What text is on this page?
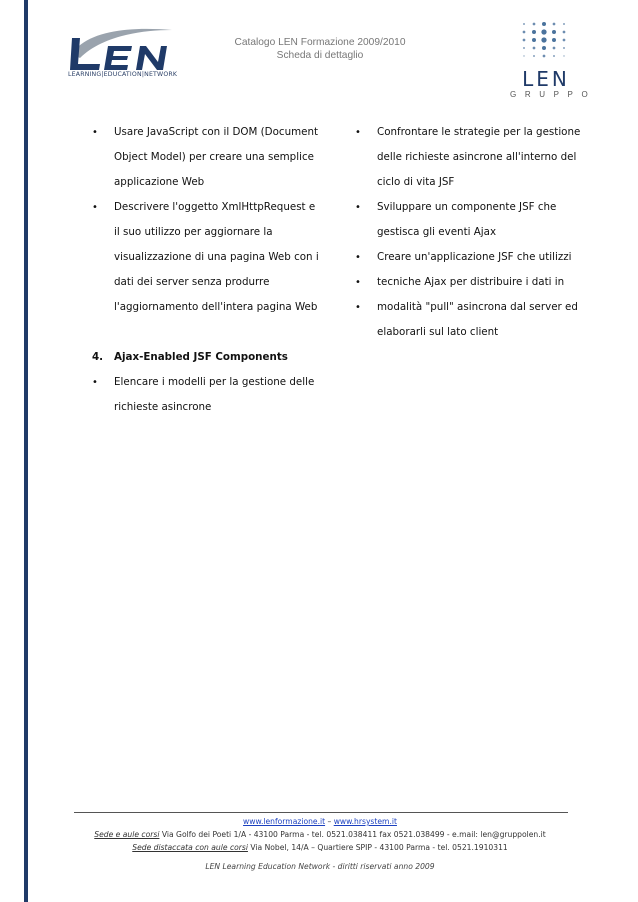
LEARNING|EDUCATION|NETWORK
Catalogo LEN Formazione 2009/2010
Scheda di dettaglio
LEN
GRUPPO
• Usare JavaScript con il DOM (Document
Object Model) per creare una semplice
applicazione Web
• Descrivere l'oggetto XmlHttpRequest e
il suo utilizzo per aggiornare la
visualizzazione di una pagina Web con i
dati dei server senza produrre
l'aggiornamento dell'intera pagina Web
4. Ajax-Enabled JSF Components
• Elencare i modelli per la gestione delle
richieste asincrone
• Confrontare le strategie per la gestione
delle richieste asincrone all'interno del
ciclo di vita JSF
• Sviluppare un componente JSF che
gestisca gli eventi Ajax
• Creare un'applicazione JSF che utilizzi
• tecniche Ajax per distribuire i dati in
• modalità "pull" asincrona dal server ed
elaborarli sul lato client
www.lenformazione.it – www.hrsystem.it
Sede e aule corsi Via Golfo dei Poeti 1/A - 43100 Parma - tel. 0521.038411 fax 0521.038499 - e.mail: len@gruppolen.it
Sede distaccata con aule corsi Via Nobel, 14/A – Quartiere SPIP - 43100 Parma - tel. 0521.1910311
LEN Learning Education Network - diritti riservati anno 2009
